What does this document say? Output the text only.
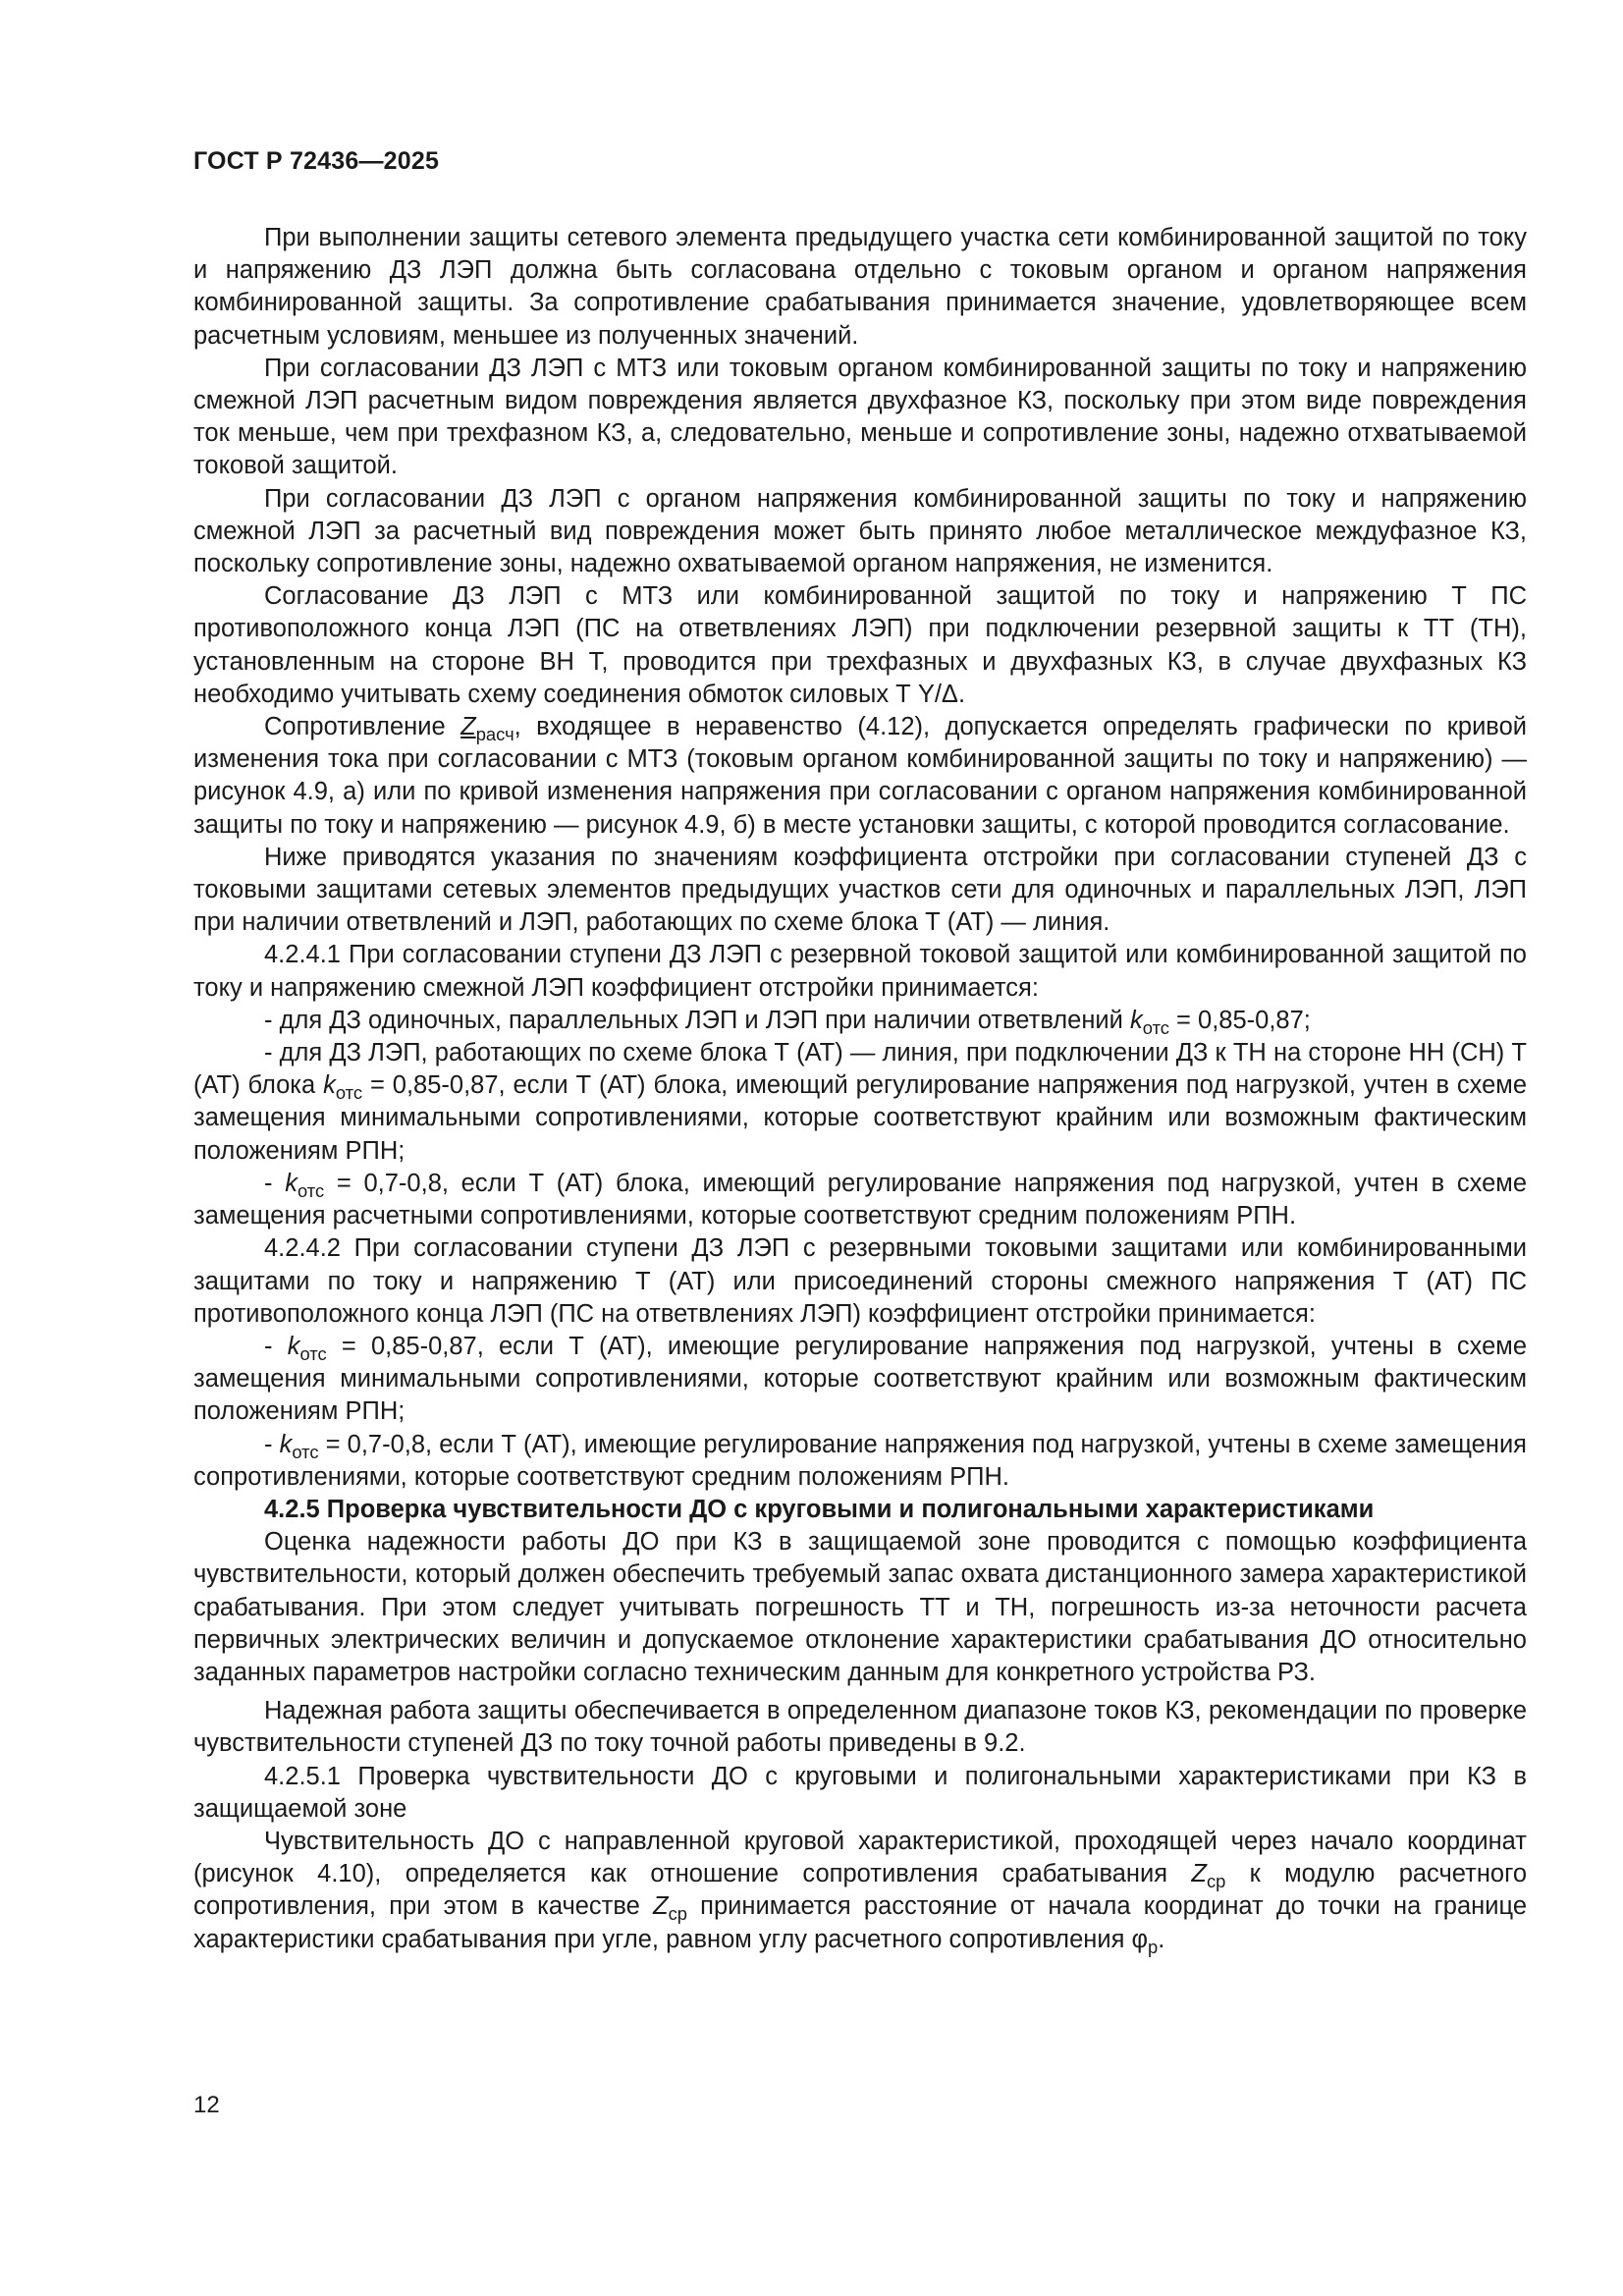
ГОСТ Р 72436—2025

При выполнении защиты сетевого элемента предыдущего участка сети комбинированной защитой по току и напряжению ДЗ ЛЭП должна быть согласована отдельно с токовым органом и органом напряжения комбинированной защиты. За сопротивление срабатывания принимается значение, удовлетворяющее всем расчетным условиям, меньшее из полученных значений.

При согласовании ДЗ ЛЭП с МТЗ или токовым органом комбинированной защиты по току и напряжению смежной ЛЭП расчетным видом повреждения является двухфазное КЗ, поскольку при этом виде повреждения ток меньше, чем при трехфазном КЗ, а, следовательно, меньше и сопротивление зоны, надежно отхватываемой токовой защитой.

При согласовании ДЗ ЛЭП с органом напряжения комбинированной защиты по току и напряжению смежной ЛЭП за расчетный вид повреждения может быть принято любое металлическое междуфазное КЗ, поскольку сопротивление зоны, надежно охватываемой органом напряжения, не изменится.

Согласование ДЗ ЛЭП с МТЗ или комбинированной защитой по току и напряжению Т ПС противоположного конца ЛЭП (ПС на ответвлениях ЛЭП) при подключении резервной защиты к ТТ (ТН), установленным на стороне ВН Т, проводится при трехфазных и двухфазных КЗ, в случае двухфазных КЗ необходимо учитывать схему соединения обмоток силовых Т Y/Δ.

Сопротивление $Z_{расч}$, входящее в неравенство (4.12), допускается определять графически по кривой изменения тока при согласовании с МТЗ (токовым органом комбинированной защиты по току и напряжению) — рисунок 4.9, а) или по кривой изменения напряжения при согласовании с органом напряжения комбинированной защиты по току и напряжению — рисунок 4.9, б) в месте установки защиты, с которой проводится согласование.

Ниже приводятся указания по значениям коэффициента отстройки при согласовании ступеней ДЗ с токовыми защитами сетевых элементов предыдущих участков сети для одиночных и параллельных ЛЭП, ЛЭП при наличии ответвлений и ЛЭП, работающих по схеме блока Т (АТ) — линия.

4.2.4.1 При согласовании ступени ДЗ ЛЭП с резервной токовой защитой или комбинированной защитой по току и напряжению смежной ЛЭП коэффициент отстройки принимается:

- для ДЗ одиночных, параллельных ЛЭП и ЛЭП при наличии ответвлений $k_{отс} = 0,85-0,87$;

- для ДЗ ЛЭП, работающих по схеме блока Т (АТ) — линия, при подключении ДЗ к ТН на стороне НН (СН) Т (АТ) блока $k_{отс} = 0,85-0,87$, если Т (АТ) блока, имеющий регулирование напряжения под нагрузкой, учтен в схеме замещения минимальными сопротивлениями, которые соответствуют крайним или возможным фактическим положениям РПН;

- $k_{отс} = 0,7-0,8$, если Т (АТ) блока, имеющий регулирование напряжения под нагрузкой, учтен в схеме замещения расчетными сопротивлениями, которые соответствуют средним положениям РПН.

4.2.4.2 При согласовании ступени ДЗ ЛЭП с резервными токовыми защитами или комбинированными защитами по току и напряжению Т (АТ) или присоединений стороны смежного напряжения Т (АТ) ПС противоположного конца ЛЭП (ПС на ответвлениях ЛЭП) коэффициент отстройки принимается:

- $k_{отс} = 0,85-0,87$, если Т (АТ), имеющие регулирование напряжения под нагрузкой, учтены в схеме замещения минимальными сопротивлениями, которые соответствуют крайним или возможным фактическим положениям РПН;

- $k_{отс} = 0,7-0,8$, если Т (АТ), имеющие регулирование напряжения под нагрузкой, учтены в схеме замещения сопротивлениями, которые соответствуют средним положениям РПН.

4.2.5 Проверка чувствительности ДО с круговыми и полигональными характеристиками

Оценка надежности работы ДО при КЗ в защищаемой зоне проводится с помощью коэффициента чувствительности, который должен обеспечить требуемый запас охвата дистанционного замера характеристикой срабатывания. При этом следует учитывать погрешность ТТ и ТН, погрешность из-за неточности расчета первичных электрических величин и допускаемое отклонение характеристики срабатывания ДО относительно заданных параметров настройки согласно техническим данным для конкретного устройства РЗ.

Надежная работа защиты обеспечивается в определенном диапазоне токов КЗ, рекомендации по проверке чувствительности ступеней ДЗ по току точной работы приведены в 9.2.

4.2.5.1 Проверка чувствительности ДО с круговыми и полигональными характеристиками при КЗ в защищаемой зоне

Чувствительность ДО с направленной круговой характеристикой, проходящей через начало координат (рисунок 4.10), определяется как отношение сопротивления срабатывания $Z_{ср}$ к модулю расчетного сопротивления, при этом в качестве $Z_{ср}$ принимается расстояние от начала координат до точки на границе характеристики срабатывания при угле, равном углу расчетного сопротивления $\varphi_р$.

12
